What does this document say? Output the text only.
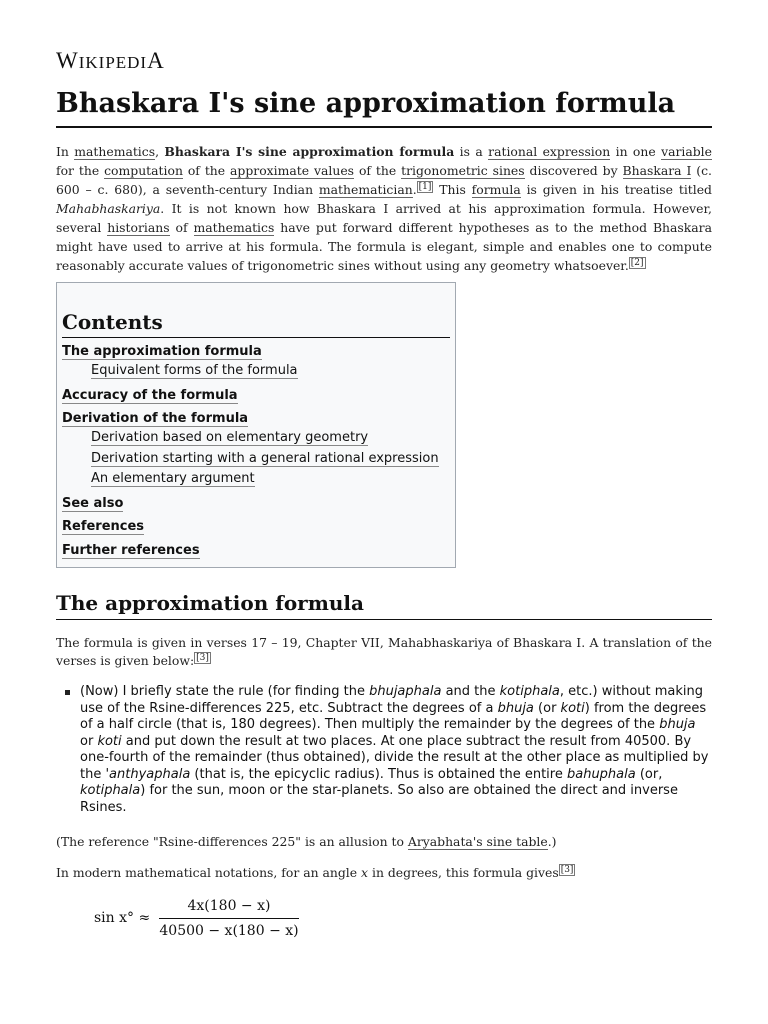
WIKIPEDIA
Bhaskara I's sine approximation formula

In mathematics, Bhaskara I's sine approximation formula is a rational expression in one variable for the computation of the approximate values of the trigonometric sines discovered by Bhaskara I (c. 600 – c. 680), a seventh-century Indian mathematician. [1] This formula is given in his treatise titled Mahabhaskariya. It is not known how Bhaskara I arrived at his approximation formula. However, several historians of mathematics have put forward different hypotheses as to the method Bhaskara might have used to arrive at his formula. The formula is elegant, simple and enables one to compute reasonably accurate values of trigonometric sines without using any geometry whatsoever. [2]

Contents
The approximation formula
Equivalent forms of the formula
Accuracy of the formula
Derivation of the formula
Derivation based on elementary geometry
Derivation starting with a general rational expression
An elementary argument
See also
References
Further references
The approximation formula

The formula is given in verses 17 – 19, Chapter VII, Mahabhaskariya of Bhaskara I. A translation of the verses is given below: [3]

(Now) I briefly state the rule (for finding the bhujaphala and the kotiphala, etc.) without making use of the Rsine-differences 225, etc. Subtract the degrees of a bhuja (or koti) from the degrees of a half circle (that is, 180 degrees). Then multiply the remainder by the degrees of the bhuja or koti and put down the result at two places. At one place subtract the result from 40500. By one-fourth of the remainder (thus obtained), divide the result at the other place as multiplied by the 'anthyaphala (that is, the epicyclic radius). Thus is obtained the entire bahuphala (or, kotiphala) for the sun, moon or the star-planets. So also are obtained the direct and inverse Rsines.

(The reference "Rsine-differences 225" is an allusion to Aryabhata's sine table.)

In modern mathematical notations, for an angle x in degrees, this formula gives [3]

sin x° ≈
4x(180 − x)
40500 − x(180 − x)
